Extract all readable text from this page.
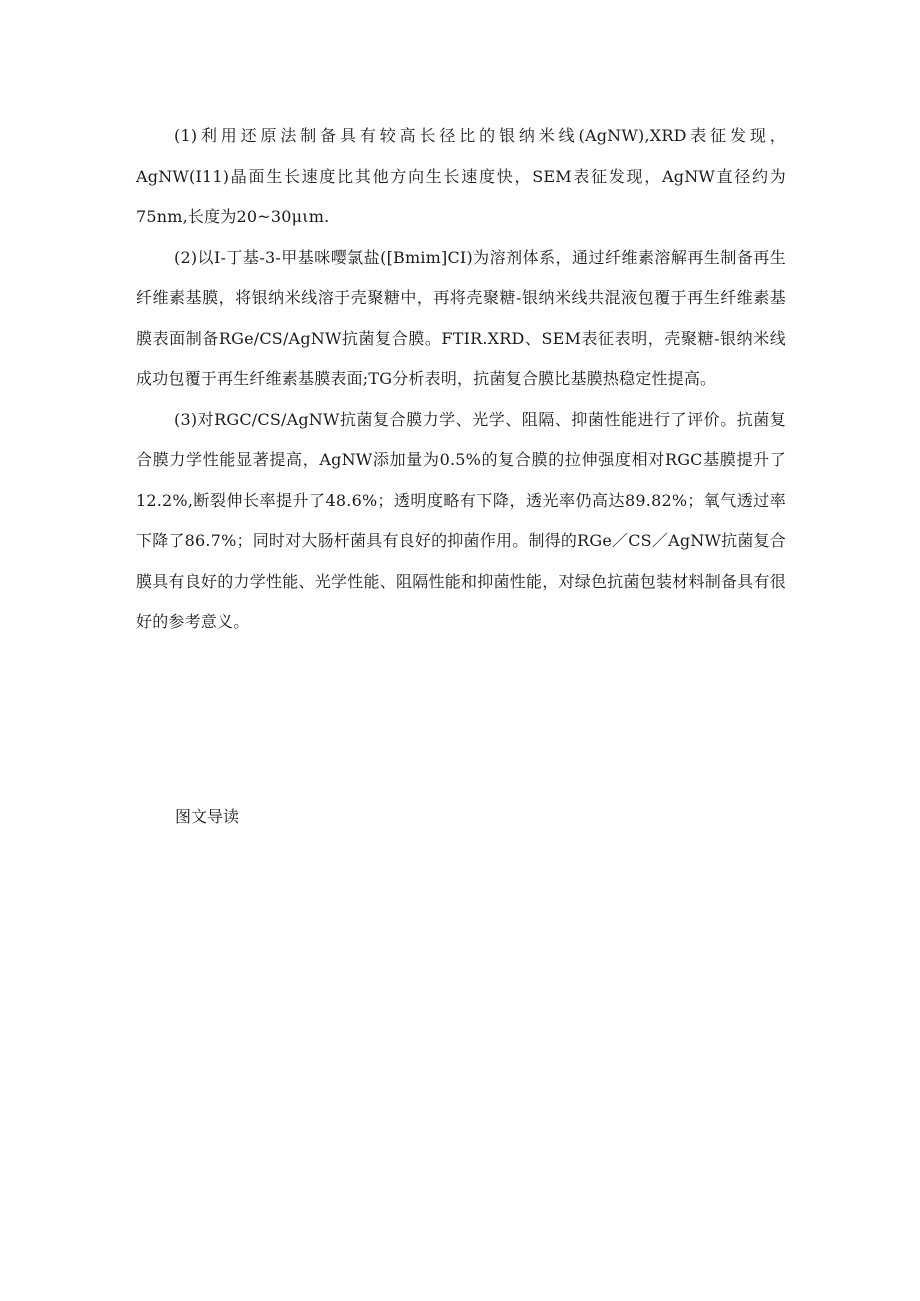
(1)利用还原法制备具有较高长径比的银纳米线(AgNW),XRD表征发现，AgNW(I11)晶面生长速度比其他方向生长速度快，SEM表征发现，AgNW直径约为75nm,长度为20~30μιm.

(2)以I-丁基-3-甲基咪嘤氯盐([Bmim]CI)为溶剂体系，通过纤维素溶解再生制备再生纤维素基膜，将银纳米线溶于壳聚糖中，再将壳聚糖-银纳米线共混液包覆于再生纤维素基膜表面制备RGe/CS/AgNW抗菌复合膜。FTIR.XRD、SEM表征表明，壳聚糖-银纳米线成功包覆于再生纤维素基膜表面;TG分析表明，抗菌复合膜比基膜热稳定性提高。

(3)对RGC/CS/AgNW抗菌复合膜力学、光学、阻隔、抑菌性能进行了评价。抗菌复合膜力学性能显著提高，AgNW添加量为0.5%的复合膜的拉伸强度相对RGC基膜提升了12.2%,断裂伸长率提升了48.6%；透明度略有下降，透光率仍高达89.82%；氧气透过率下降了86.7%；同时对大肠杆菌具有良好的抑菌作用。制得的RGe／CS／AgNW抗菌复合膜具有良好的力学性能、光学性能、阻隔性能和抑菌性能，对绿色抗菌包装材料制备具有很好的参考意义。

图文导读
